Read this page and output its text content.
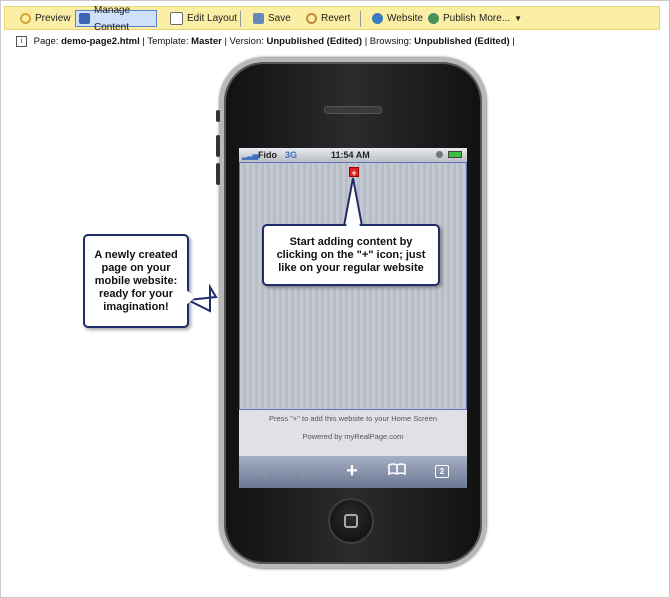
Preview
Manage Content
Edit Layout	Save	Revert	Website Publish More... ▼
i Page: demo-page2.html | Template: Master | Version: Unpublished (Edited) | Browsing: Unpublished (Edited) |
▂▃▅ Fido 3G	11:54 AM
+
Press "+" to add this website to your Home Screen
Powered by myRealPage.com
◀	▶ +	2
Start adding content by clicking on the "+" icon; just like on your regular website
A newly created page on your mobile website: ready for your imagination!
